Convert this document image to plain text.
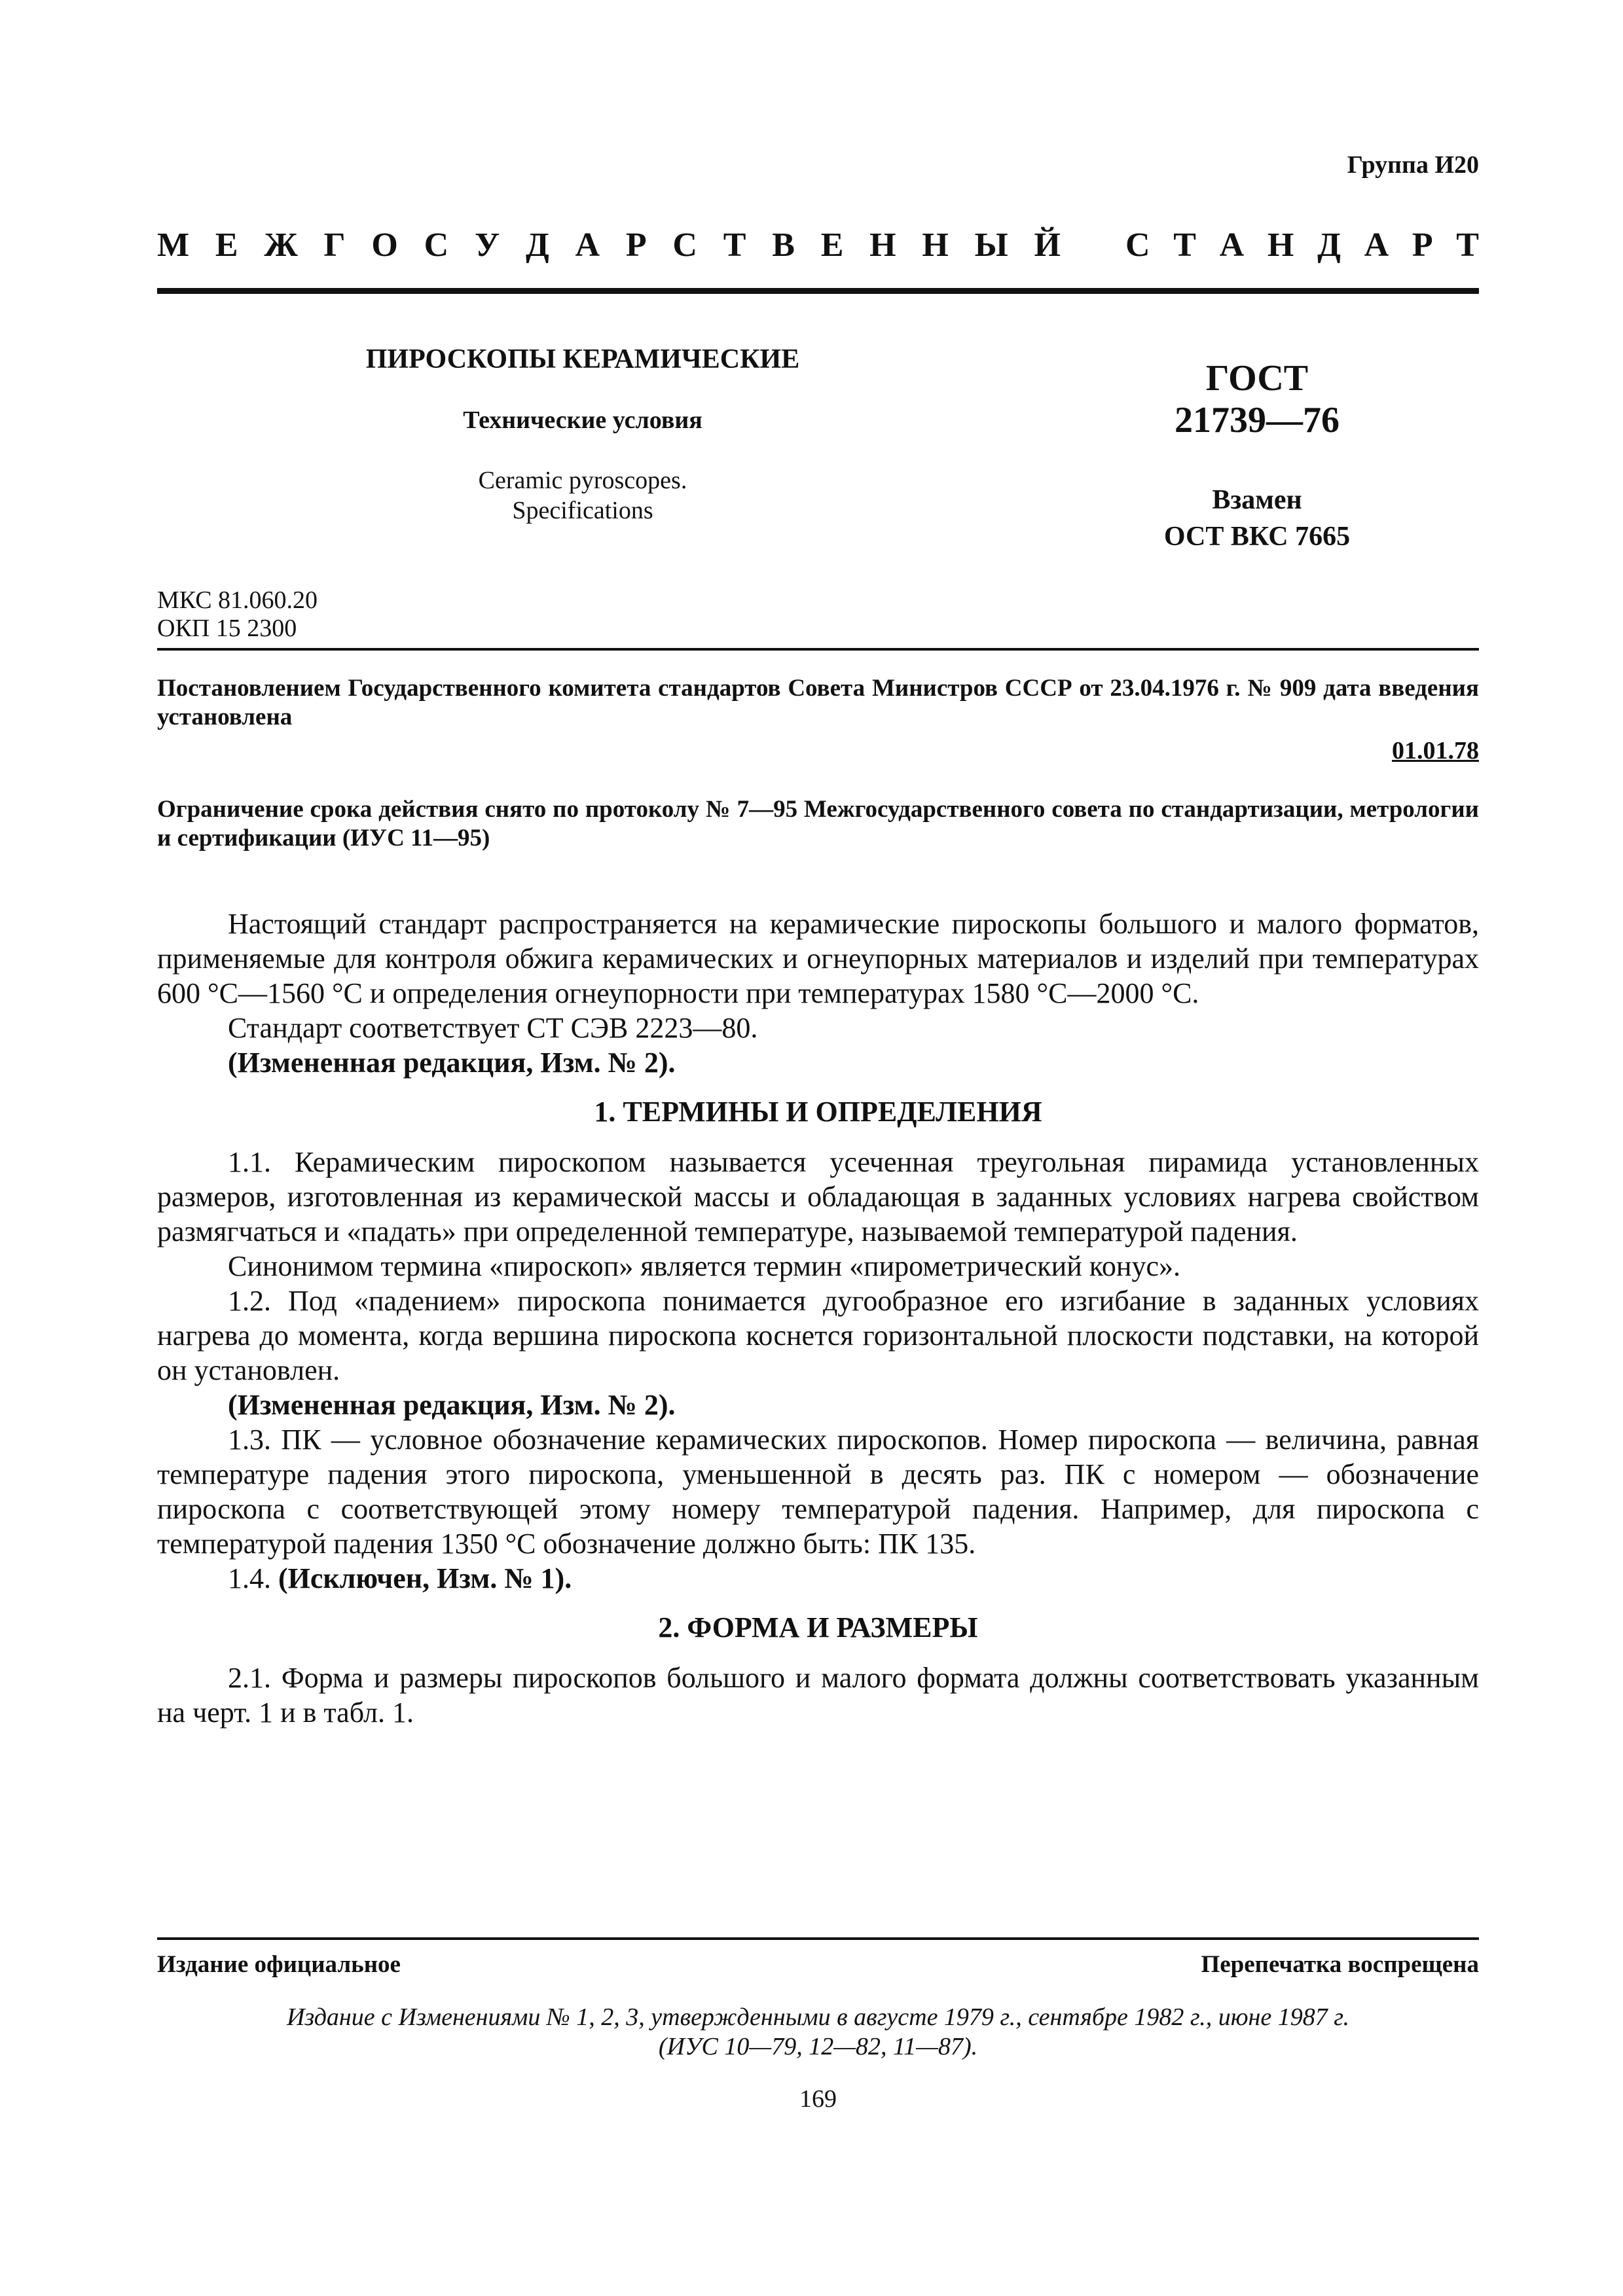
Группа И20
М Е Ж Г О С У Д А Р С Т В Е Н Н Ы Й С Т А Н Д А Р Т
ПИРОСКОПЫ КЕРАМИЧЕСКИЕ
Технические условия
Ceramic pyroscopes.
Specifications
ГОСТ
21739—76
Взамен
ОСТ ВКС 7665
МКС 81.060.20
ОКП 15 2300
Постановлением Государственного комитета стандартов Совета Министров СССР от 23.04.1976 г. № 909 дата введения установлена
01.01.78
Ограничение срока действия снято по протоколу № 7—95 Межгосударственного совета по стандартизации, метрологии и сертификации (ИУС 11—95)

Настоящий стандарт распространяется на керамические пироскопы большого и малого форматов, применяемые для контроля обжига керамических и огнеупорных материалов и изделий при температурах 600 °С—1560 °С и определения огнеупорности при температурах 1580 °С—2000 °С.

Стандарт соответствует СТ СЭВ 2223—80.

(Измененная редакция, Изм. № 2).

1. ТЕРМИНЫ И ОПРЕДЕЛЕНИЯ

1.1. Керамическим пироскопом называется усеченная треугольная пирамида установленных размеров, изготовленная из керамической массы и обладающая в заданных условиях нагрева свойством размягчаться и «падать» при определенной температуре, называемой температурой падения.

Синонимом термина «пироскоп» является термин «пирометрический конус».

1.2. Под «падением» пироскопа понимается дугообразное его изгибание в заданных условиях нагрева до момента, когда вершина пироскопа коснется горизонтальной плоскости подставки, на которой он установлен.

(Измененная редакция, Изм. № 2).

1.3. ПК — условное обозначение керамических пироскопов. Номер пироскопа — величина, равная температуре падения этого пироскопа, уменьшенной в десять раз. ПК с номером — обозначение пироскопа с соответствующей этому номеру температурой падения. Например, для пироскопа с температурой падения 1350 °С обозначение должно быть: ПК 135.

1.4. (Исключен, Изм. № 1).

2. ФОРМА И РАЗМЕРЫ

2.1. Форма и размеры пироскопов большого и малого формата должны соответствовать указанным на черт. 1 и в табл. 1.

Издание официальное	Перепечатка воспрещена
Издание с Изменениями № 1, 2, 3, утвержденными в августе 1979 г., сентябре 1982 г., июне 1987 г.
(ИУС 10—79, 12—82, 11—87).
169
